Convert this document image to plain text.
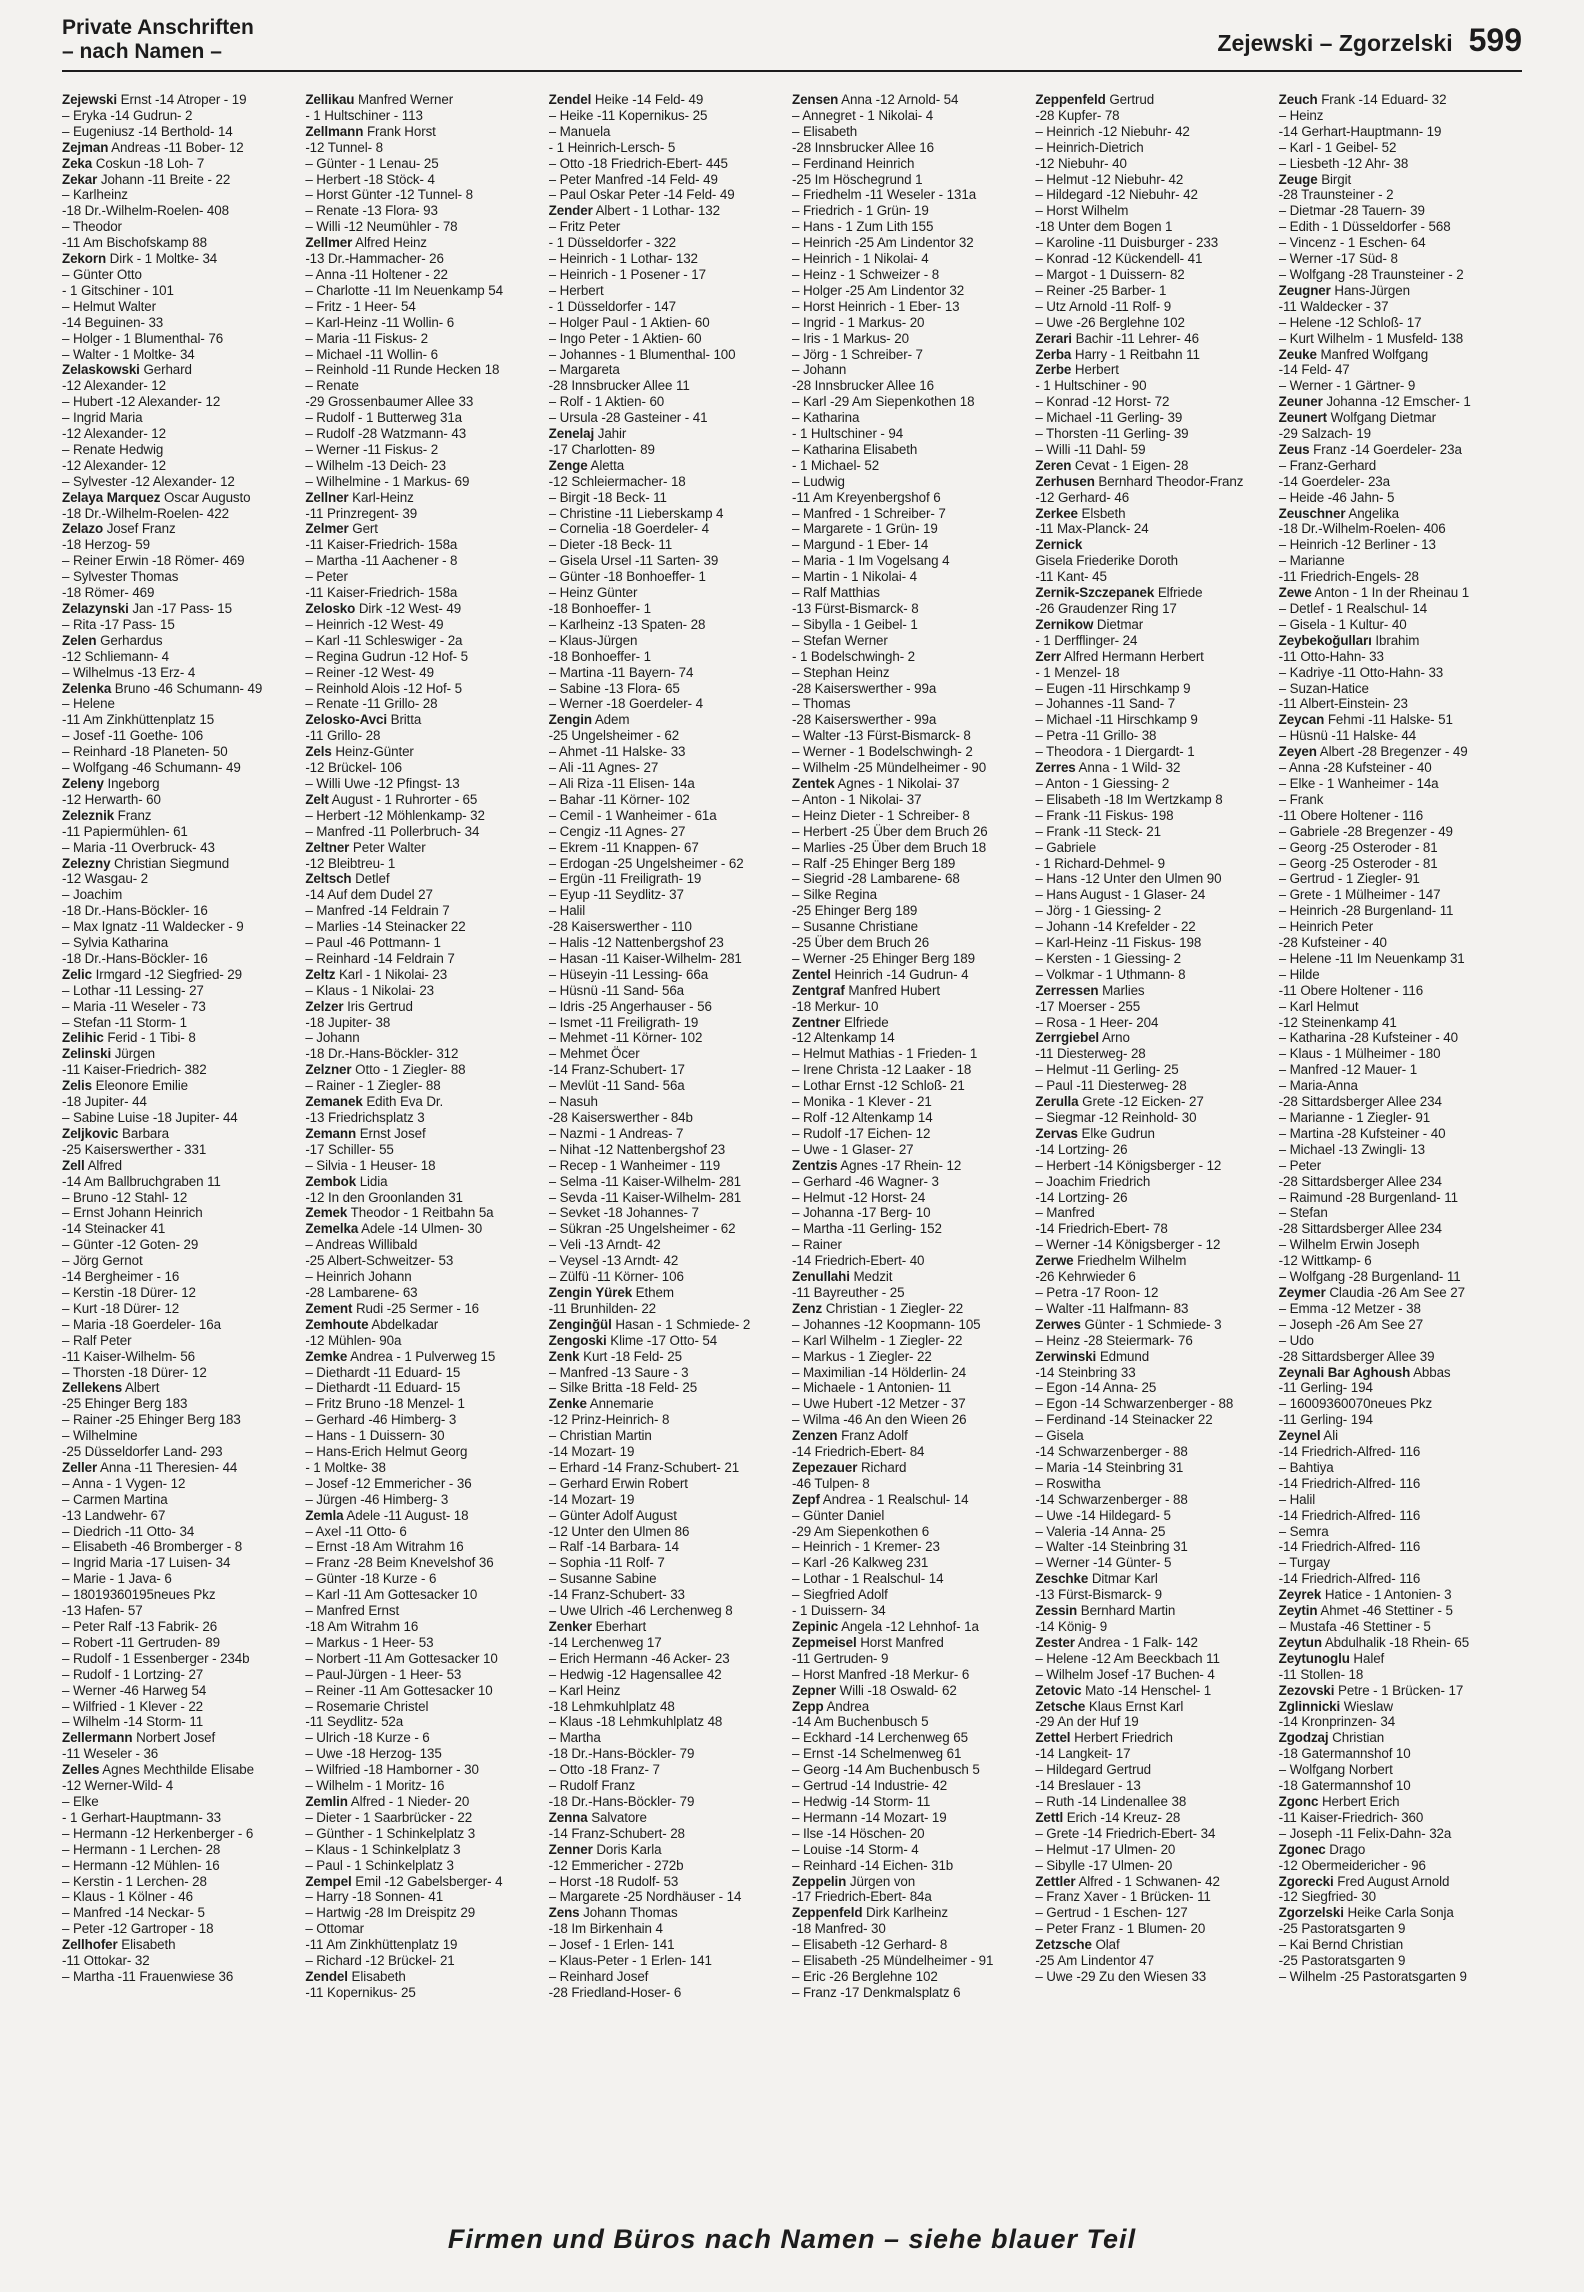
Private Anschriften
– nach Namen –	Zejewski – Zgorzelski 599
Zejewski Ernst -14 Atroper - 19
– Eryka -14 Gudrun- 2
– Eugeniusz -14 Berthold- 14
Zejman Andreas -11 Bober- 12
Zeka Coskun -18 Loh- 7
Zekar Johann -11 Breite - 22
– Karlheinz
-18 Dr.-Wilhelm-Roelen- 408
– Theodor
-11 Am Bischofskamp 88
Zekorn Dirk - 1 Moltke- 34
– Günter Otto
- 1 Gitschiner - 101
– Helmut Walter
-14 Beguinen- 33
– Holger - 1 Blumenthal- 76
– Walter - 1 Moltke- 34
Zelaskowski Gerhard
-12 Alexander- 12
– Hubert -12 Alexander- 12
– Ingrid Maria
-12 Alexander- 12
– Renate Hedwig
-12 Alexander- 12
– Sylvester -12 Alexander- 12
Zelaya Marquez Oscar Augusto
-18 Dr.-Wilhelm-Roelen- 422
Zelazo Josef Franz
-18 Herzog- 59
– Reiner Erwin -18 Römer- 469
– Sylvester Thomas
-18 Römer- 469
Zelazynski Jan -17 Pass- 15
– Rita -17 Pass- 15
Zelen Gerhardus
-12 Schliemann- 4
– Wilhelmus -13 Erz- 4
Zelenka Bruno -46 Schumann- 49
– Helene
-11 Am Zinkhüttenplatz 15
– Josef -11 Goethe- 106
– Reinhard -18 Planeten- 50
– Wolfgang -46 Schumann- 49
Zeleny Ingeborg
-12 Herwarth- 60
Zeleznik Franz
-11 Papiermühlen- 61
– Maria -11 Overbruck- 43
Zelezny Christian Siegmund
-12 Wasgau- 2
– Joachim
-18 Dr.-Hans-Böckler- 16
– Max Ignatz -11 Waldecker - 9
– Sylvia Katharina
-18 Dr.-Hans-Böckler- 16
Zelic Irmgard -12 Siegfried- 29
– Lothar -11 Lessing- 27
– Maria -11 Weseler - 73
– Stefan -11 Storm- 1
Zelihic Ferid - 1 Tibi- 8
Zelinski Jürgen
-11 Kaiser-Friedrich- 382
Zelis Eleonore Emilie
-18 Jupiter- 44
– Sabine Luise -18 Jupiter- 44
Zeljkovic Barbara
-25 Kaiserswerther - 331
Zell Alfred
-14 Am Ballbruchgraben 11
– Bruno -12 Stahl- 12
– Ernst Johann Heinrich
-14 Steinacker 41
– Günter -12 Goten- 29
– Jörg Gernot
-14 Bergheimer - 16
– Kerstin -18 Dürer- 12
– Kurt -18 Dürer- 12
– Maria -18 Goerdeler- 16a
– Ralf Peter
-11 Kaiser-Wilhelm- 56
– Thorsten -18 Dürer- 12
Zellekens Albert
-25 Ehinger Berg 183
– Rainer -25 Ehinger Berg 183
– Wilhelmine
-25 Düsseldorfer Land- 293
Zeller Anna -11 Theresien- 44
– Anna - 1 Vygen- 12
– Carmen Martina
-13 Landwehr- 67
– Diedrich -11 Otto- 34
– Elisabeth -46 Bromberger - 8
– Ingrid Maria -17 Luisen- 34
– Marie - 1 Java- 6
– 18019360195neues Pkz
-13 Hafen- 57
– Peter Ralf -13 Fabrik- 26
– Robert -11 Gertruden- 89
– Rudolf - 1 Essenberger - 234b
– Rudolf - 1 Lortzing- 27
– Werner -46 Harweg 54
– Wilfried - 1 Klever - 22
– Wilhelm -14 Storm- 11
Zellermann Norbert Josef
-11 Weseler - 36
Zelles Agnes Mechthilde Elisabe
-12 Werner-Wild- 4
– Elke
- 1 Gerhart-Hauptmann- 33
– Hermann -12 Herkenberger - 6
– Hermann - 1 Lerchen- 28
– Hermann -12 Mühlen- 16
– Kerstin - 1 Lerchen- 28
– Klaus - 1 Kölner - 46
– Manfred -14 Neckar- 5
– Peter -12 Gartroper - 18
Zellhofer Elisabeth
-11 Ottokar- 32
– Martha -11 Frauenwiese 36
Zellikau Manfred Werner
- 1 Hultschiner - 113
Zellmann Frank Horst
-12 Tunnel- 8
– Günter - 1 Lenau- 25
– Herbert -18 Stöck- 4
– Horst Günter -12 Tunnel- 8
– Renate -13 Flora- 93
– Willi -12 Neumühler - 78
Zellmer Alfred Heinz
-13 Dr.-Hammacher- 26
– Anna -11 Holtener - 22
– Charlotte -11 Im Neuenkamp 54
– Fritz - 1 Heer- 54
– Karl-Heinz -11 Wollin- 6
– Maria -11 Fiskus- 2
– Michael -11 Wollin- 6
– Reinhold -11 Runde Hecken 18
– Renate
-29 Grossenbaumer Allee 33
– Rudolf - 1 Butterweg 31a
– Rudolf -28 Watzmann- 43
– Werner -11 Fiskus- 2
– Wilhelm -13 Deich- 23
– Wilhelmine - 1 Markus- 69
Zellner Karl-Heinz
-11 Prinzregent- 39
Zelmer Gert
-11 Kaiser-Friedrich- 158a
– Martha -11 Aachener - 8
– Peter
-11 Kaiser-Friedrich- 158a
Zelosko Dirk -12 West- 49
– Heinrich -12 West- 49
– Karl -11 Schleswiger - 2a
– Regina Gudrun -12 Hof- 5
– Reiner -12 West- 49
– Reinhold Alois -12 Hof- 5
– Renate -11 Grillo- 28
Zelosko-Avci Britta
-11 Grillo- 28
Zels Heinz-Günter
-12 Brückel- 106
– Willi Uwe -12 Pfingst- 13
Zelt August - 1 Ruhrorter - 65
– Herbert -12 Möhlenkamp- 32
– Manfred -11 Pollerbruch- 34
Zeltner Peter Walter
-12 Bleibtreu- 1
Zeltsch Detlef
-14 Auf dem Dudel 27
– Manfred -14 Feldrain 7
– Marlies -14 Steinacker 22
– Paul -46 Pottmann- 1
– Reinhard -14 Feldrain 7
Zeltz Karl - 1 Nikolai- 23
– Klaus - 1 Nikolai- 23
Zelzer Iris Gertrud
-18 Jupiter- 38
– Johann
-18 Dr.-Hans-Böckler- 312
Zelzner Otto - 1 Ziegler- 88
– Rainer - 1 Ziegler- 88
Zemanek Edith Eva Dr.
-13 Friedrichsplatz 3
Zemann Ernst Josef
-17 Schiller- 55
– Silvia - 1 Heuser- 18
Zembok Lidia
-12 In den Groonlanden 31
Zemek Theodor - 1 Reitbahn 5a
Zemelka Adele -14 Ulmen- 30
– Andreas Willibald
-25 Albert-Schweitzer- 53
– Heinrich Johann
-28 Lambarene- 63
Zement Rudi -25 Sermer - 16
Zemhoute Abdelkadar
-12 Mühlen- 90a
Zemke Andrea - 1 Pulverweg 15
– Diethardt -11 Eduard- 15
– Diethardt -11 Eduard- 15
– Fritz Bruno -18 Menzel- 1
– Gerhard -46 Himberg- 3
– Hans - 1 Duissern- 30
– Hans-Erich Helmut Georg
- 1 Moltke- 38
– Josef -12 Emmericher - 36
– Jürgen -46 Himberg- 3
Zemla Adele -11 August- 18
– Axel -11 Otto- 6
– Ernst -18 Am Witrahm 16
– Franz -28 Beim Knevelshof 36
– Günter -18 Kurze - 6
– Karl -11 Am Gottesacker 10
– Manfred Ernst
-18 Am Witrahm 16
– Markus - 1 Heer- 53
– Norbert -11 Am Gottesacker 10
– Paul-Jürgen - 1 Heer- 53
– Reiner -11 Am Gottesacker 10
– Rosemarie Christel
-11 Seydlitz- 52a
– Ulrich -18 Kurze - 6
– Uwe -18 Herzog- 135
– Wilfried -18 Hamborner - 30
– Wilhelm - 1 Moritz- 16
Zemlin Alfred - 1 Nieder- 20
– Dieter - 1 Saarbrücker - 22
– Günther - 1 Schinkelplatz 3
– Klaus - 1 Schinkelplatz 3
– Paul - 1 Schinkelplatz 3
Zempel Emil -12 Gabelsberger- 4
– Harry -18 Sonnen- 41
– Hartwig -28 Im Dreispitz 29
– Ottomar
-11 Am Zinkhüttenplatz 19
– Richard -12 Brückel- 21
Zendel Elisabeth
-11 Kopernikus- 25
Zendel Heike -14 Feld- 49
– Heike -11 Kopernikus- 25
– Manuela
- 1 Heinrich-Lersch- 5
– Otto -18 Friedrich-Ebert- 445
– Peter Manfred -14 Feld- 49
– Paul Oskar Peter -14 Feld- 49
Zender Albert - 1 Lothar- 132
– Fritz Peter
- 1 Düsseldorfer - 322
– Heinrich - 1 Lothar- 132
– Heinrich - 1 Posener - 17
– Herbert
- 1 Düsseldorfer - 147
– Holger Paul - 1 Aktien- 60
– Ingo Peter - 1 Aktien- 60
– Johannes - 1 Blumenthal- 100
– Margareta
-28 Innsbrucker Allee 11
– Rolf - 1 Aktien- 60
– Ursula -28 Gasteiner - 41
Zenelaj Jahir
-17 Charlotten- 89
Zenge Aletta
-12 Schleiermacher- 18
– Birgit -18 Beck- 11
– Christine -11 Lieberskamp 4
– Cornelia -18 Goerdeler- 4
– Dieter -18 Beck- 11
– Gisela Ursel -11 Sarten- 39
– Günter -18 Bonhoeffer- 1
– Heinz Günter
-18 Bonhoeffer- 1
– Karlheinz -13 Spaten- 28
– Klaus-Jürgen
-18 Bonhoeffer- 1
– Martina -11 Bayern- 74
– Sabine -13 Flora- 65
– Werner -18 Goerdeler- 4
Zengin Adem
-25 Ungelsheimer - 62
– Ahmet -11 Halske- 33
– Ali -11 Agnes- 27
– Ali Riza -11 Elisen- 14a
– Bahar -11 Körner- 102
– Cemil - 1 Wanheimer - 61a
– Cengiz -11 Agnes- 27
– Ekrem -11 Knappen- 67
– Erdogan -25 Ungelsheimer - 62
– Ergün -11 Freiligrath- 19
– Eyup -11 Seydlitz- 37
– Halil
-28 Kaiserswerther - 110
– Halis -12 Nattenbergshof 23
– Hasan -11 Kaiser-Wilhelm- 281
– Hüseyin -11 Lessing- 66a
– Hüsnü -11 Sand- 56a
– Idris -25 Angerhauser - 56
– Ismet -11 Freiligrath- 19
– Mehmet -11 Körner- 102
– Mehmet Öcer
-14 Franz-Schubert- 17
– Mevlüt -11 Sand- 56a
– Nasuh
-28 Kaiserswerther - 84b
– Nazmi - 1 Andreas- 7
– Nihat -12 Nattenbergshof 23
– Recep - 1 Wanheimer - 119
– Selma -11 Kaiser-Wilhelm- 281
– Sevda -11 Kaiser-Wilhelm- 281
– Sevket -18 Johannes- 7
– Sükran -25 Ungelsheimer - 62
– Veli -13 Arndt- 42
– Veysel -13 Arndt- 42
– Zülfü -11 Körner- 106
Zengin Yürek Ethem
-11 Brunhilden- 22
Zenginğül Hasan - 1 Schmiede- 2
Zengoski Klime -17 Otto- 54
Zenk Kurt -18 Feld- 25
– Manfred -13 Saure - 3
– Silke Britta -18 Feld- 25
Zenke Annemarie
-12 Prinz-Heinrich- 8
– Christian Martin
-14 Mozart- 19
– Erhard -14 Franz-Schubert- 21
– Gerhard Erwin Robert
-14 Mozart- 19
– Günter Adolf August
-12 Unter den Ulmen 86
– Ralf -14 Barbara- 14
– Sophia -11 Rolf- 7
– Susanne Sabine
-14 Franz-Schubert- 33
– Uwe Ulrich -46 Lerchenweg 8
Zenker Eberhart
-14 Lerchenweg 17
– Erich Hermann -46 Acker- 23
– Hedwig -12 Hagensallee 42
– Karl Heinz
-18 Lehmkuhlplatz 48
– Klaus -18 Lehmkuhlplatz 48
– Martha
-18 Dr.-Hans-Böckler- 79
– Otto -18 Franz- 7
– Rudolf Franz
-18 Dr.-Hans-Böckler- 79
Zenna Salvatore
-14 Franz-Schubert- 28
Zenner Doris Karla
-12 Emmericher - 272b
– Horst -18 Rudolf- 53
– Margarete -25 Nordhäuser - 14
Zens Johann Thomas
-18 Im Birkenhain 4
– Josef - 1 Erlen- 141
– Klaus-Peter - 1 Erlen- 141
– Reinhard Josef
-28 Friedland-Hoser- 6
Zensen Anna -12 Arnold- 54
– Annegret - 1 Nikolai- 4
– Elisabeth
-28 Innsbrucker Allee 16
– Ferdinand Heinrich
-25 Im Höschegrund 1
– Friedhelm -11 Weseler - 131a
– Friedrich - 1 Grün- 19
– Hans - 1 Zum Lith 155
– Heinrich -25 Am Lindentor 32
– Heinrich - 1 Nikolai- 4
– Heinz - 1 Schweizer - 8
– Holger -25 Am Lindentor 32
– Horst Heinrich - 1 Eber- 13
– Ingrid - 1 Markus- 20
– Iris - 1 Markus- 20
– Jörg - 1 Schreiber- 7
– Johann
-28 Innsbrucker Allee 16
– Karl -29 Am Siepenkothen 18
– Katharina
- 1 Hultschiner - 94
– Katharina Elisabeth
- 1 Michael- 52
– Ludwig
-11 Am Kreyenbergshof 6
– Manfred - 1 Schreiber- 7
– Margarete - 1 Grün- 19
– Margund - 1 Eber- 14
– Maria - 1 Im Vogelsang 4
– Martin - 1 Nikolai- 4
– Ralf Matthias
-13 Fürst-Bismarck- 8
– Sibylla - 1 Geibel- 1
– Stefan Werner
- 1 Bodelschwingh- 2
– Stephan Heinz
-28 Kaiserswerther - 99a
– Thomas
-28 Kaiserswerther - 99a
– Walter -13 Fürst-Bismarck- 8
– Werner - 1 Bodelschwingh- 2
– Wilhelm -25 Mündelheimer - 90
Zentek Agnes - 1 Nikolai- 37
– Anton - 1 Nikolai- 37
– Heinz Dieter - 1 Schreiber- 8
– Herbert -25 Über dem Bruch 26
– Marlies -25 Über dem Bruch 18
– Ralf -25 Ehinger Berg 189
– Siegrid -28 Lambarene- 68
– Silke Regina
-25 Ehinger Berg 189
– Susanne Christiane
-25 Über dem Bruch 26
– Werner -25 Ehinger Berg 189
Zentel Heinrich -14 Gudrun- 4
Zentgraf Manfred Hubert
-18 Merkur- 10
Zentner Elfriede
-12 Altenkamp 14
– Helmut Mathias - 1 Frieden- 1
– Irene Christa -12 Laaker - 18
– Lothar Ernst -12 Schloß- 21
– Monika - 1 Klever - 21
– Rolf -12 Altenkamp 14
– Rudolf -17 Eichen- 12
– Uwe - 1 Glaser- 27
Zentzis Agnes -17 Rhein- 12
– Gerhard -46 Wagner- 3
– Helmut -12 Horst- 24
– Johanna -17 Berg- 10
– Martha -11 Gerling- 152
– Rainer
-14 Friedrich-Ebert- 40
Zenullahi Medzit
-11 Bayreuther - 25
Zenz Christian - 1 Ziegler- 22
– Johannes -12 Koopmann- 105
– Karl Wilhelm - 1 Ziegler- 22
– Markus - 1 Ziegler- 22
– Maximilian -14 Hölderlin- 24
– Michaele - 1 Antonien- 11
– Uwe Hubert -12 Metzer - 37
– Wilma -46 An den Wieen 26
Zenzen Franz Adolf
-14 Friedrich-Ebert- 84
Zepezauer Richard
-46 Tulpen- 8
Zepf Andrea - 1 Realschul- 14
– Günter Daniel
-29 Am Siepenkothen 6
– Heinrich - 1 Kremer- 23
– Karl -26 Kalkweg 231
– Lothar - 1 Realschul- 14
– Siegfried Adolf
- 1 Duissern- 34
Zepinic Angela -12 Lehnhof- 1a
Zepmeisel Horst Manfred
-11 Gertruden- 9
– Horst Manfred -18 Merkur- 6
Zepner Willi -18 Oswald- 62
Zepp Andrea
-14 Am Buchenbusch 5
– Eckhard -14 Lerchenweg 65
– Ernst -14 Schelmenweg 61
– Georg -14 Am Buchenbusch 5
– Gertrud -14 Industrie- 42
– Hedwig -14 Storm- 11
– Hermann -14 Mozart- 19
– Ilse -14 Höschen- 20
– Louise -14 Storm- 4
– Reinhard -14 Eichen- 31b
Zeppelin Jürgen von
-17 Friedrich-Ebert- 84a
Zeppenfeld Dirk Karlheinz
-18 Manfred- 30
– Elisabeth -12 Gerhard- 8
– Elisabeth -25 Mündelheimer - 91
– Eric -26 Berglehne 102
– Franz -17 Denkmalsplatz 6
Zeppenfeld Gertrud
-28 Kupfer- 78
– Heinrich -12 Niebuhr- 42
– Heinrich-Dietrich
-12 Niebuhr- 40
– Helmut -12 Niebuhr- 42
– Hildegard -12 Niebuhr- 42
– Horst Wilhelm
-18 Unter dem Bogen 1
– Karoline -11 Duisburger - 233
– Konrad -12 Kückendell- 41
– Margot - 1 Duissern- 82
– Reiner -25 Barber- 1
– Utz Arnold -11 Rolf- 9
– Uwe -26 Berglehne 102
Zerari Bachir -11 Lehrer- 46
Zerba Harry - 1 Reitbahn 11
Zerbe Herbert
- 1 Hultschiner - 90
– Konrad -12 Horst- 72
– Michael -11 Gerling- 39
– Thorsten -11 Gerling- 39
– Willi -11 Dahl- 59
Zeren Cevat - 1 Eigen- 28
Zerhusen Bernhard Theodor-Franz
-12 Gerhard- 46
Zerkee Elsbeth
-11 Max-Planck- 24
Zernick
Gisela Friederike Doroth
-11 Kant- 45
Zernik-Szczepanek Elfriede
-26 Graudenzer Ring 17
Zernikow Dietmar
- 1 Derfflinger- 24
Zerr Alfred Hermann Herbert
- 1 Menzel- 18
– Eugen -11 Hirschkamp 9
– Johannes -11 Sand- 7
– Michael -11 Hirschkamp 9
– Petra -11 Grillo- 38
– Theodora - 1 Diergardt- 1
Zerres Anna - 1 Wild- 32
– Anton - 1 Giessing- 2
– Elisabeth -18 Im Wertzkamp 8
– Frank -11 Fiskus- 198
– Frank -11 Steck- 21
– Gabriele
- 1 Richard-Dehmel- 9
– Hans -12 Unter den Ulmen 90
– Hans August - 1 Glaser- 24
– Jörg - 1 Giessing- 2
– Johann -14 Krefelder - 22
– Karl-Heinz -11 Fiskus- 198
– Kersten - 1 Giessing- 2
– Volkmar - 1 Uthmann- 8
Zerressen Marlies
-17 Moerser - 255
– Rosa - 1 Heer- 204
Zerrgiebel Arno
-11 Diesterweg- 28
– Helmut -11 Gerling- 25
– Paul -11 Diesterweg- 28
Zerulla Grete -12 Eicken- 27
– Siegmar -12 Reinhold- 30
Zervas Elke Gudrun
-14 Lortzing- 26
– Herbert -14 Königsberger - 12
– Joachim Friedrich
-14 Lortzing- 26
– Manfred
-14 Friedrich-Ebert- 78
– Werner -14 Königsberger - 12
Zerwe Friedhelm Wilhelm
-26 Kehrwieder 6
– Petra -17 Roon- 12
– Walter -11 Halfmann- 83
Zerwes Günter - 1 Schmiede- 3
– Heinz -28 Steiermark- 76
Zerwinski Edmund
-14 Steinbring 33
– Egon -14 Anna- 25
– Egon -14 Schwarzenberger - 88
– Ferdinand -14 Steinacker 22
– Gisela
-14 Schwarzenberger - 88
– Maria -14 Steinbring 31
– Roswitha
-14 Schwarzenberger - 88
– Uwe -14 Hildegard- 5
– Valeria -14 Anna- 25
– Walter -14 Steinbring 31
– Werner -14 Günter- 5
Zeschke Ditmar Karl
-13 Fürst-Bismarck- 9
Zessin Bernhard Martin
-14 König- 9
Zester Andrea - 1 Falk- 142
– Helene -12 Am Beeckbach 11
– Wilhelm Josef -17 Buchen- 4
Zetovic Mato -14 Henschel- 1
Zetsche Klaus Ernst Karl
-29 An der Huf 19
Zettel Herbert Friedrich
-14 Langkeit- 17
– Hildegard Gertrud
-14 Breslauer - 13
– Ruth -14 Lindenallee 38
Zettl Erich -14 Kreuz- 28
– Grete -14 Friedrich-Ebert- 34
– Helmut -17 Ulmen- 20
– Sibylle -17 Ulmen- 20
Zettler Alfred - 1 Schwanen- 42
– Franz Xaver - 1 Brücken- 11
– Gertrud - 1 Eschen- 127
– Peter Franz - 1 Blumen- 20
Zetzsche Olaf
-25 Am Lindentor 47
– Uwe -29 Zu den Wiesen 33
Zeuch Frank -14 Eduard- 32
– Heinz
-14 Gerhart-Hauptmann- 19
– Karl - 1 Geibel- 52
– Liesbeth -12 Ahr- 38
Zeuge Birgit
-28 Traunsteiner - 2
– Dietmar -28 Tauern- 39
– Edith - 1 Düsseldorfer - 568
– Vincenz - 1 Eschen- 64
– Werner -17 Süd- 8
– Wolfgang -28 Traunsteiner - 2
Zeugner Hans-Jürgen
-11 Waldecker - 37
– Helene -12 Schloß- 17
– Kurt Wilhelm - 1 Musfeld- 138
Zeuke Manfred Wolfgang
-14 Feld- 47
– Werner - 1 Gärtner- 9
Zeuner Johanna -12 Emscher- 1
Zeunert Wolfgang Dietmar
-29 Salzach- 19
Zeus Franz -14 Goerdeler- 23a
– Franz-Gerhard
-14 Goerdeler- 23a
– Heide -46 Jahn- 5
Zeuschner Angelika
-18 Dr.-Wilhelm-Roelen- 406
– Heinrich -12 Berliner - 13
– Marianne
-11 Friedrich-Engels- 28
Zewe Anton - 1 In der Rheinau 1
– Detlef - 1 Realschul- 14
– Gisela - 1 Kultur- 40
Zeybekoğulları Ibrahim
-11 Otto-Hahn- 33
– Kadriye -11 Otto-Hahn- 33
– Suzan-Hatice
-11 Albert-Einstein- 23
Zeycan Fehmi -11 Halske- 51
– Hüsnü -11 Halske- 44
Zeyen Albert -28 Bregenzer - 49
– Anna -28 Kufsteiner - 40
– Elke - 1 Wanheimer - 14a
– Frank
-11 Obere Holtener - 116
– Gabriele -28 Bregenzer - 49
– Georg -25 Osteroder - 81
– Georg -25 Osteroder - 81
– Gertrud - 1 Ziegler- 91
– Grete - 1 Mülheimer - 147
– Heinrich -28 Burgenland- 11
– Heinrich Peter
-28 Kufsteiner - 40
– Helene -11 Im Neuenkamp 31
– Hilde
-11 Obere Holtener - 116
– Karl Helmut
-12 Steinenkamp 41
– Katharina -28 Kufsteiner - 40
– Klaus - 1 Mülheimer - 180
– Manfred -12 Mauer- 1
– Maria-Anna
-28 Sittardsberger Allee 234
– Marianne - 1 Ziegler- 91
– Martina -28 Kufsteiner - 40
– Michael -13 Zwingli- 13
– Peter
-28 Sittardsberger Allee 234
– Raimund -28 Burgenland- 11
– Stefan
-28 Sittardsberger Allee 234
– Wilhelm Erwin Joseph
-12 Wittkamp- 6
– Wolfgang -28 Burgenland- 11
Zeymer Claudia -26 Am See 27
– Emma -12 Metzer - 38
– Joseph -26 Am See 27
– Udo
-28 Sittardsberger Allee 39
Zeynali Bar Aghoush Abbas
-11 Gerling- 194
– 16009360070neues Pkz
-11 Gerling- 194
Zeynel Ali
-14 Friedrich-Alfred- 116
– Bahtiya
-14 Friedrich-Alfred- 116
– Halil
-14 Friedrich-Alfred- 116
– Semra
-14 Friedrich-Alfred- 116
– Turgay
-14 Friedrich-Alfred- 116
Zeyrek Hatice - 1 Antonien- 3
Zeytin Ahmet -46 Stettiner - 5
– Mustafa -46 Stettiner - 5
Zeytun Abdulhalik -18 Rhein- 65
Zeytunoglu Halef
-11 Stollen- 18
Zezovski Petre - 1 Brücken- 17
Zglinnicki Wieslaw
-14 Kronprinzen- 34
Zgodzaj Christian
-18 Gatermannshof 10
– Wolfgang Norbert
-18 Gatermannshof 10
Zgonc Herbert Erich
-11 Kaiser-Friedrich- 360
– Joseph -11 Felix-Dahn- 32a
Zgonec Drago
-12 Obermeidericher - 96
Zgorecki Fred August Arnold
-12 Siegfried- 30
Zgorzelski Heike Carla Sonja
-25 Pastoratsgarten 9
– Kai Bernd Christian
-25 Pastoratsgarten 9
– Wilhelm -25 Pastoratsgarten 9
Firmen und Büros nach Namen – siehe blauer Teil
